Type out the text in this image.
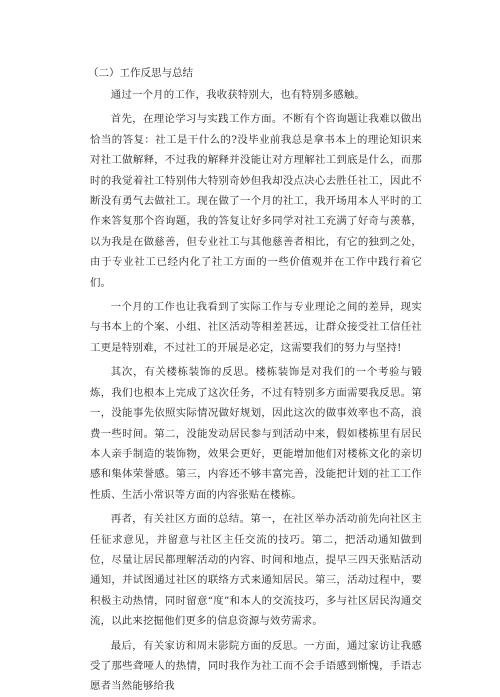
（二）工作反思与总结

通过一个月的工作，我收获特别大，也有特别多感触。

首先，在理论学习与实践工作方面。不断有个咨询题让我难以做出恰当的答复：社工是干什么的?没毕业前我总是拿书本上的理论知识来对社工做解释，不过我的解释并没能让对方理解社工到底是什么，而那时的我觉着社工特别伟大特别奇妙但我却没点决心去胜任社工，因此不断没有勇气去做社工。现在做了一个月的社工，我开场用本人平时的工作来答复那个咨询题，我的答复让好多同学对社工充满了好奇与羡慕，以为我是在做慈善，但专业社工与其他慈善者相比，有它的独到之处，由于专业社工已经内化了社工方面的一些价值观并在工作中践行着它们。

一个月的工作也让我看到了实际工作与专业理论之间的差异，现实与书本上的个案、小组、社区活动等相差甚远，让群众接受社工信任社工更是特别难，不过社工的开展是必定，这需要我们的努力与坚持!

其次，有关楼栋装饰的反思。楼栋装饰是对我们的一个考验与锻炼，我们也根本上完成了这次任务，不过有特别多方面需要我反思。第一，没能事先依照实际情况做好规划，因此这次的做事效率也不高，浪费一些时间。第二，没能发动居民参与到活动中来，假如楼栋里有居民本人亲手制造的装饰物，效果会更好，更能增加他们对楼栋文化的亲切感和集体荣誉感。第三，内容还不够丰富完善，没能把计划的社工工作性质、生活小常识等方面的内容张贴在楼栋。

再者，有关社区方面的总结。第一，在社区举办活动前先向社区主任征求意见，并留意与社区主任交流的技巧。第二，把活动通知做到位，尽量让居民都理解活动的内容、时间和地点，提早三四天张贴活动通知，并试图通过社区的联络方式来通知居民。第三，活动过程中，要积极主动热情，同时留意“度”和本人的交流技巧，多与社区居民沟通交流，以此来挖掘他们更多的信息资源与效劳需求。

最后，有关家访和周末影院方面的反思。一方面，通过家访让我感受了那些聋哑人的热情，同时我作为社工而不会手语感到惭愧，手语志愿者当然能够给我
